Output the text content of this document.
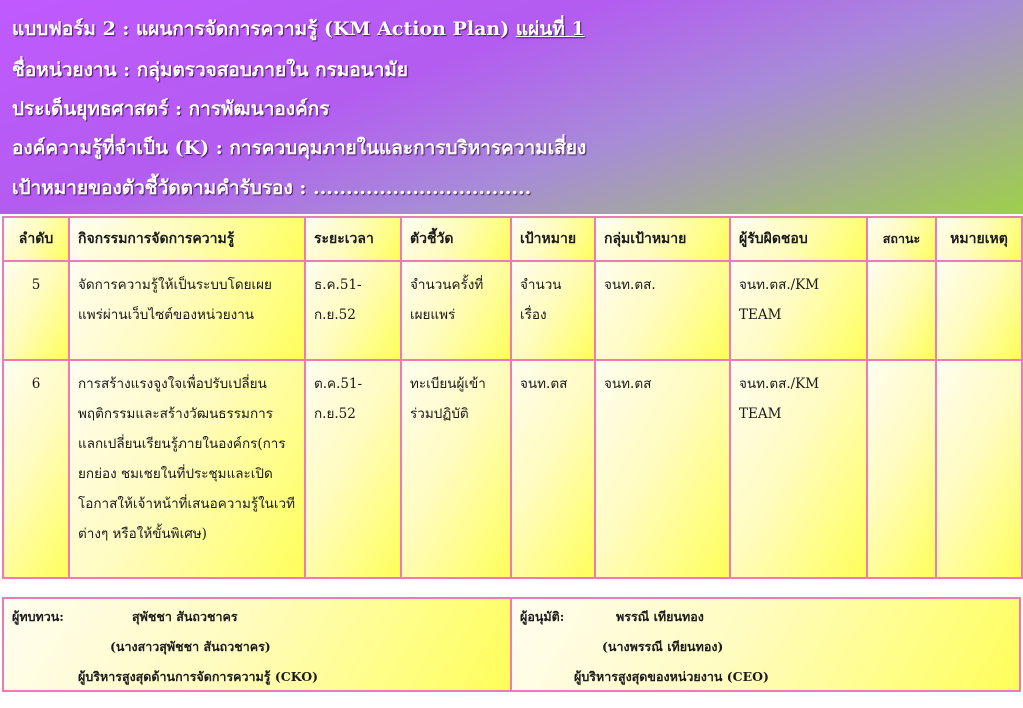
แบบฟอร์ม 2 : แผนการจัดการความรู้ (KM Action Plan) แผ่นที่ 1
ชื่อหน่วยงาน : กลุ่มตรวจสอบภายใน กรมอนามัย
ประเด็นยุทธศาสตร์ : การพัฒนาองค์กร
องค์ความรู้ที่จำเป็น (K) : การควบคุมภายในและการบริหารความเสี่ยง
เป้าหมายของตัวชี้วัดตามคำรับรอง : .................................
ลำดับ	กิจกรรมการจัดการความรู้	ระยะเวลา	ตัวชี้วัด	เป้าหมาย	กลุ่มเป้าหมาย	ผู้รับผิดชอบ	สถานะ	หมายเหตุ
5	จัดการความรู้ให้เป็นระบบโดยเผยแพร่ผ่านเว็บไซต์ของหน่วยงาน	ธ.ค.51- ก.ย.52	จำนวนครั้งที่เผยแพร่	จำนวนเรื่อง	จนท.ตส.	จนท.ตส./KM TEAM		
6	การสร้างแรงจูงใจเพื่อปรับเปลี่ยนพฤติกรรมและสร้างวัฒนธรรมการแลกเปลี่ยนเรียนรู้ภายในองค์กร(การยกย่อง ชมเชยในที่ประชุมและเปิดโอกาสให้เจ้าหน้าที่เสนอความรู้ในเวทีต่างๆ หรือให้ขั้นพิเศษ)	ต.ค.51- ก.ย.52	ทะเบียนผู้เข้าร่วมปฏิบัติ	จนท.ตส	จนท.ตส	จนท.ตส./KM TEAM		
ผู้ทบทวน:	สุพัชชา สันถวชาคร
(นางสาวสุพัชชา สันถวชาคร)
ผู้บริหารสูงสุดด้านการจัดการความรู้ (CKO)
ผู้อนุมัติ:	พรรณี เทียนทอง
(นางพรรณี เทียนทอง)
ผู้บริหารสูงสุดของหน่วยงาน (CEO)
